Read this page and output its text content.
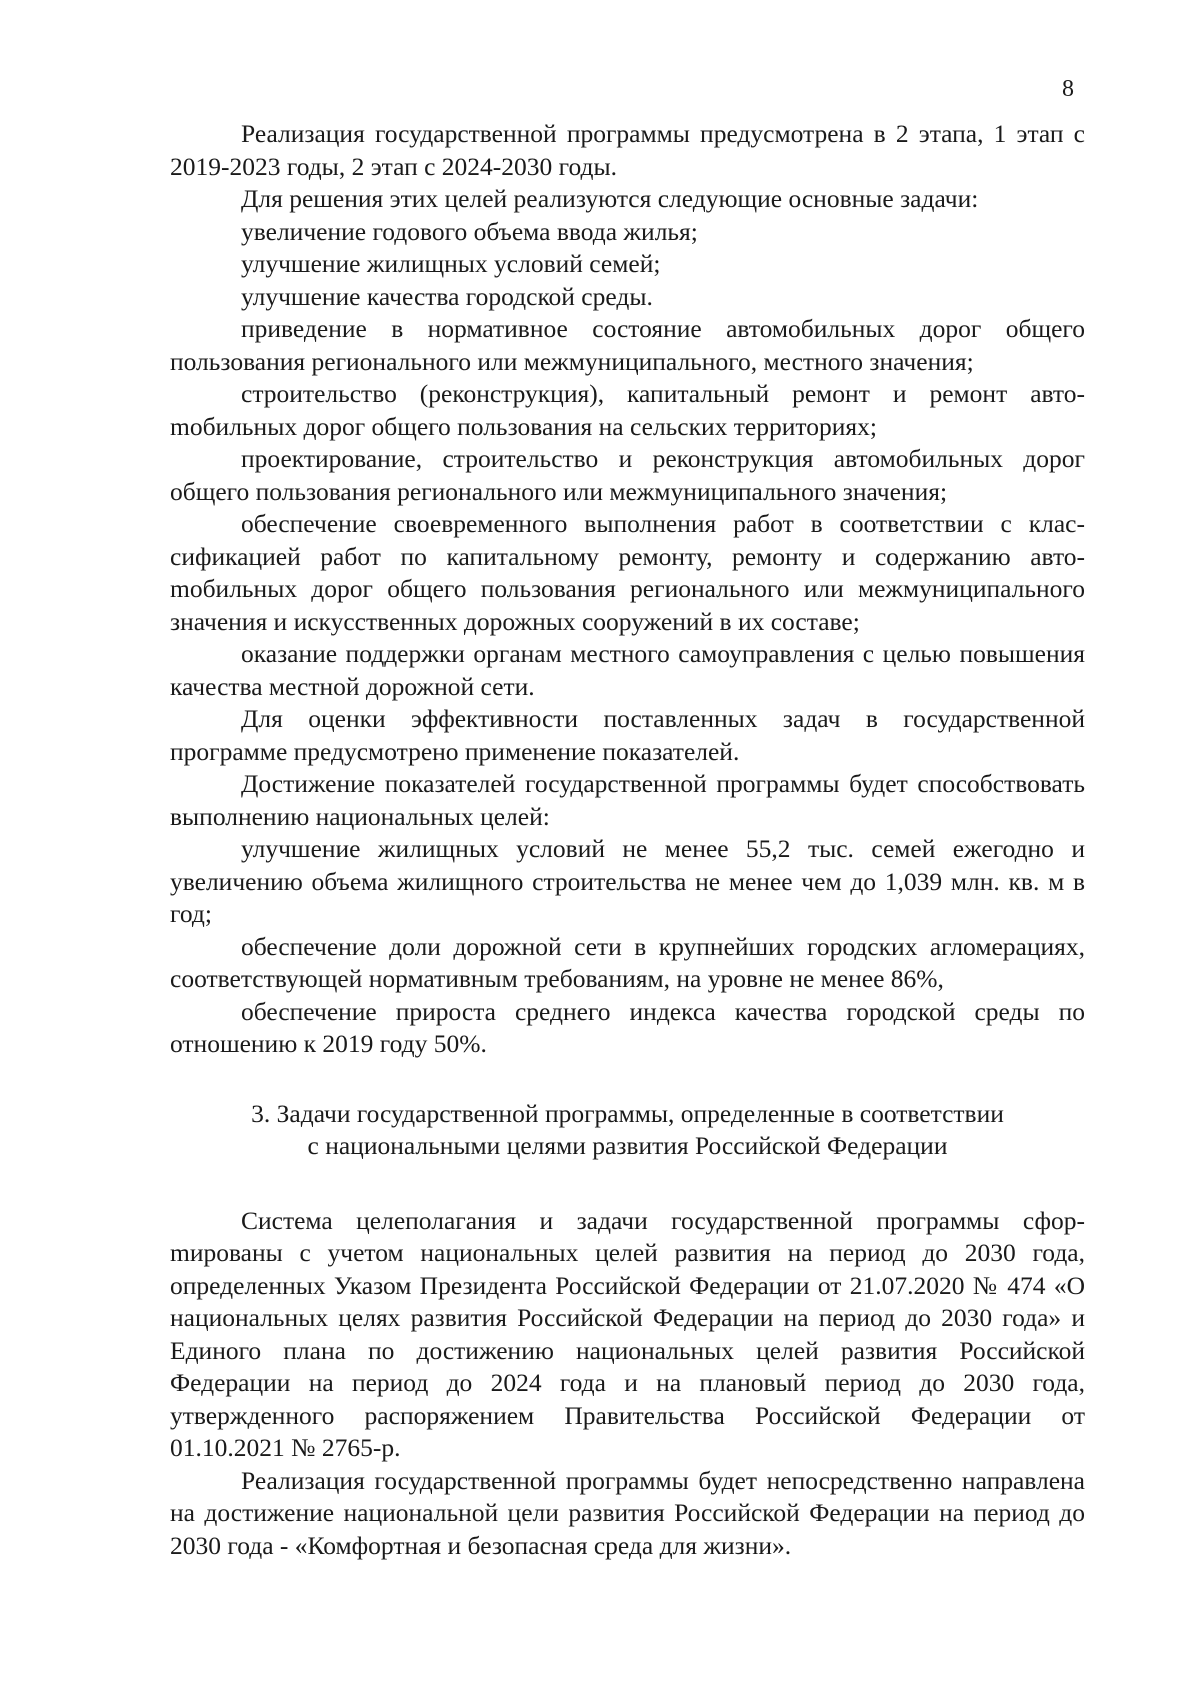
8

Реализация государственной программы предусмотрена в 2 этапа, 1 этап с 2019-2023 годы, 2 этап с 2024-2030 годы.

Для решения этих целей реализуются следующие основные задачи:

увеличение годового объема ввода жилья;

улучшение жилищных условий семей;

улучшение качества городской среды.

приведение в нормативное состояние автомобильных дорог общего пользования регионального или межмуниципального, местного значения;

строительство (реконструкция), капитальный ремонт и ремонт автоmобильных дорог общего пользования на сельских территориях;

проектирование, строительство и реконструкция автомобильных дорог общего пользования регионального или межмуниципального значения;

обеспечение своевременного выполнения работ в соответствии с классификацией работ по капитальному ремонту, ремонту и содержанию автоmобильных дорог общего пользования регионального или межмуниципального значения и искусственных дорожных сооружений в их составе;

оказание поддержки органам местного самоуправления с целью повышения качества местной дорожной сети.

Для оценки эффективности поставленных задач в государственной программе предусмотрено применение показателей.

Достижение показателей государственной программы будет способствовать выполнению национальных целей:

улучшение жилищных условий не менее 55,2 тыс. семей ежегодно и увеличению объема жилищного строительства не менее чем до 1,039 млн. кв. м в год;

обеспечение доли дорожной сети в крупнейших городских агломерациях, соответствующей нормативным требованиям, на уровне не менее 86%,

обеспечение прироста среднего индекса качества городской среды по отношению к 2019 году 50%.

3. Задачи государственной программы, определенные в соответствии
с национальными целями развития Российской Федерации

Система целеполагания и задачи государственной программы сфорmированы с учетом национальных целей развития на период до 2030 года, определенных Указом Президента Российской Федерации от 21.07.2020 № 474 «О национальных целях развития Российской Федерации на период до 2030 года» и Единого плана по достижению национальных целей развития Российской Федерации на период до 2024 года и на плановый период до 2030 года, утвержденного распоряжением Правительства Российской Федерации от 01.10.2021 № 2765-р.

Реализация государственной программы будет непосредственно направлена на достижение национальной цели развития Российской Федерации на период до 2030 года - «Комфортная и безопасная среда для жизни».
